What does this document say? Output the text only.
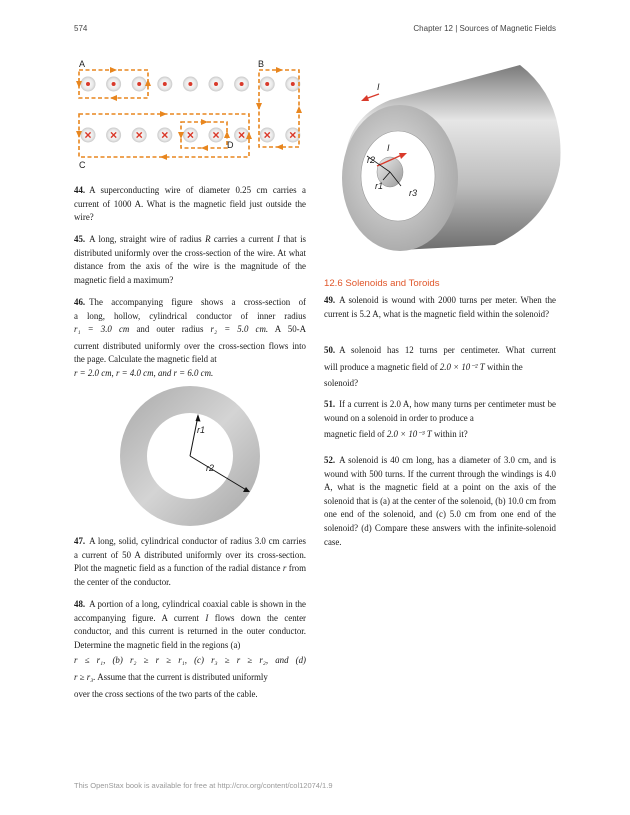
574	Chapter 12 | Sources of Magnetic Fields
A	B
C
D
44. A superconducting wire of diameter 0.25 cm carries a current of 1000 A. What is the magnetic field just outside the wire?
45. A long, straight wire of radius R carries a current I that is distributed uniformly over the cross-section of the wire. At what distance from the axis of the wire is the magnitude of the magnetic field a maximum?
46. The accompanying figure shows a cross-section of
a long, hollow, cylindrical conductor of inner radius
r₁ = 3.0 cm and outer radius r₂ = 5.0 cm. A 50-A
current distributed uniformly over the cross-section flows into the page. Calculate the magnetic field at
r = 2.0 cm, r = 4.0 cm, and r = 6.0 cm.
r1
r2
47. A long, solid, cylindrical conductor of radius 3.0 cm carries a current of 50 A distributed uniformly over its cross-section. Plot the magnetic field as a function of the radial distance r from the center of the conductor.
48. A portion of a long, cylindrical coaxial cable is shown in the accompanying figure. A current I flows down the center conductor, and this current is returned in the outer conductor. Determine the magnetic field in the regions (a)
r ≤ r₁, (b) r₂ ≥ r ≥ r₁, (c) r₃ ≥ r ≥ r₂, and (d)
r ≥ r₃. Assume that the current is distributed uniformly
over the cross sections of the two parts of the cable.
I
I
r2
r1
r3
12.6 Solenoids and Toroids
49. A solenoid is wound with 2000 turns per meter. When the current is 5.2 A, what is the magnetic field within the solenoid?
50. A solenoid has 12 turns per centimeter. What current
will produce a magnetic field of 2.0 × 10⁻² T within the
solenoid?
51. If a current is 2.0 A, how many turns per centimeter must be wound on a solenoid in order to produce a
magnetic field of 2.0 × 10⁻³ T within it?
52. A solenoid is 40 cm long, has a diameter of 3.0 cm, and is wound with 500 turns. If the current through the windings is 4.0 A, what is the magnetic field at a point on the axis of the solenoid that is (a) at the center of the solenoid, (b) 10.0 cm from one end of the solenoid, and (c) 5.0 cm from one end of the solenoid? (d) Compare these answers with the infinite-solenoid case.
This OpenStax book is available for free at http://cnx.org/content/col12074/1.9
